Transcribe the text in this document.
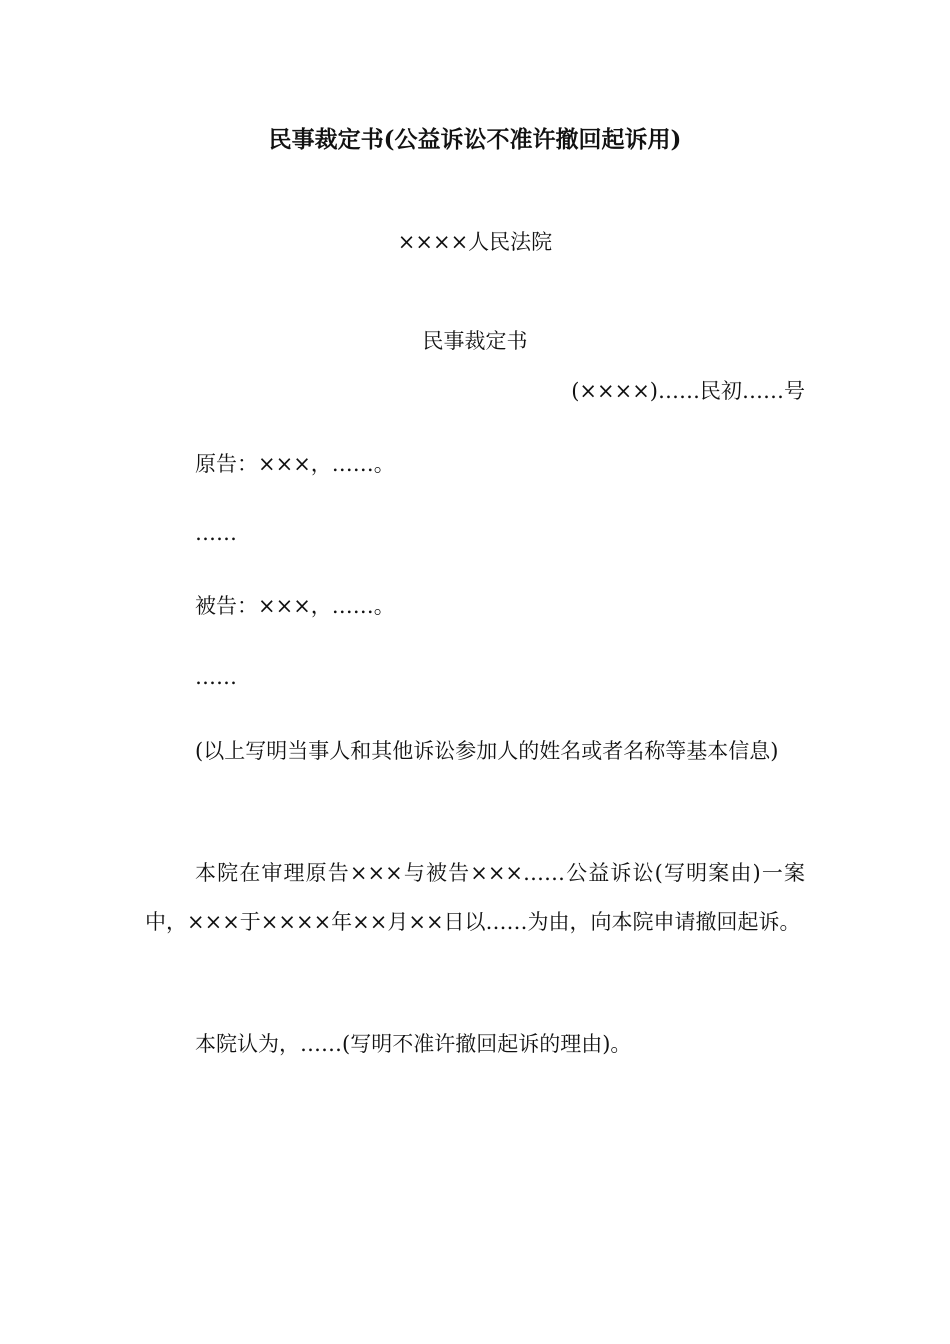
民事裁定书(公益诉讼不准许撤回起诉用)
××××人民法院
民事裁定书
(××××)……民初……号
原告：×××，……。
……
被告：×××，……。
……
(以上写明当事人和其他诉讼参加人的姓名或者名称等基本信息)
本院在审理原告×××与被告×××……公益诉讼(写明案由)一案中，×××于××××年××月××日以……为由，向本院申请撤回起诉。
本院认为，……(写明不准许撤回起诉的理由)。
